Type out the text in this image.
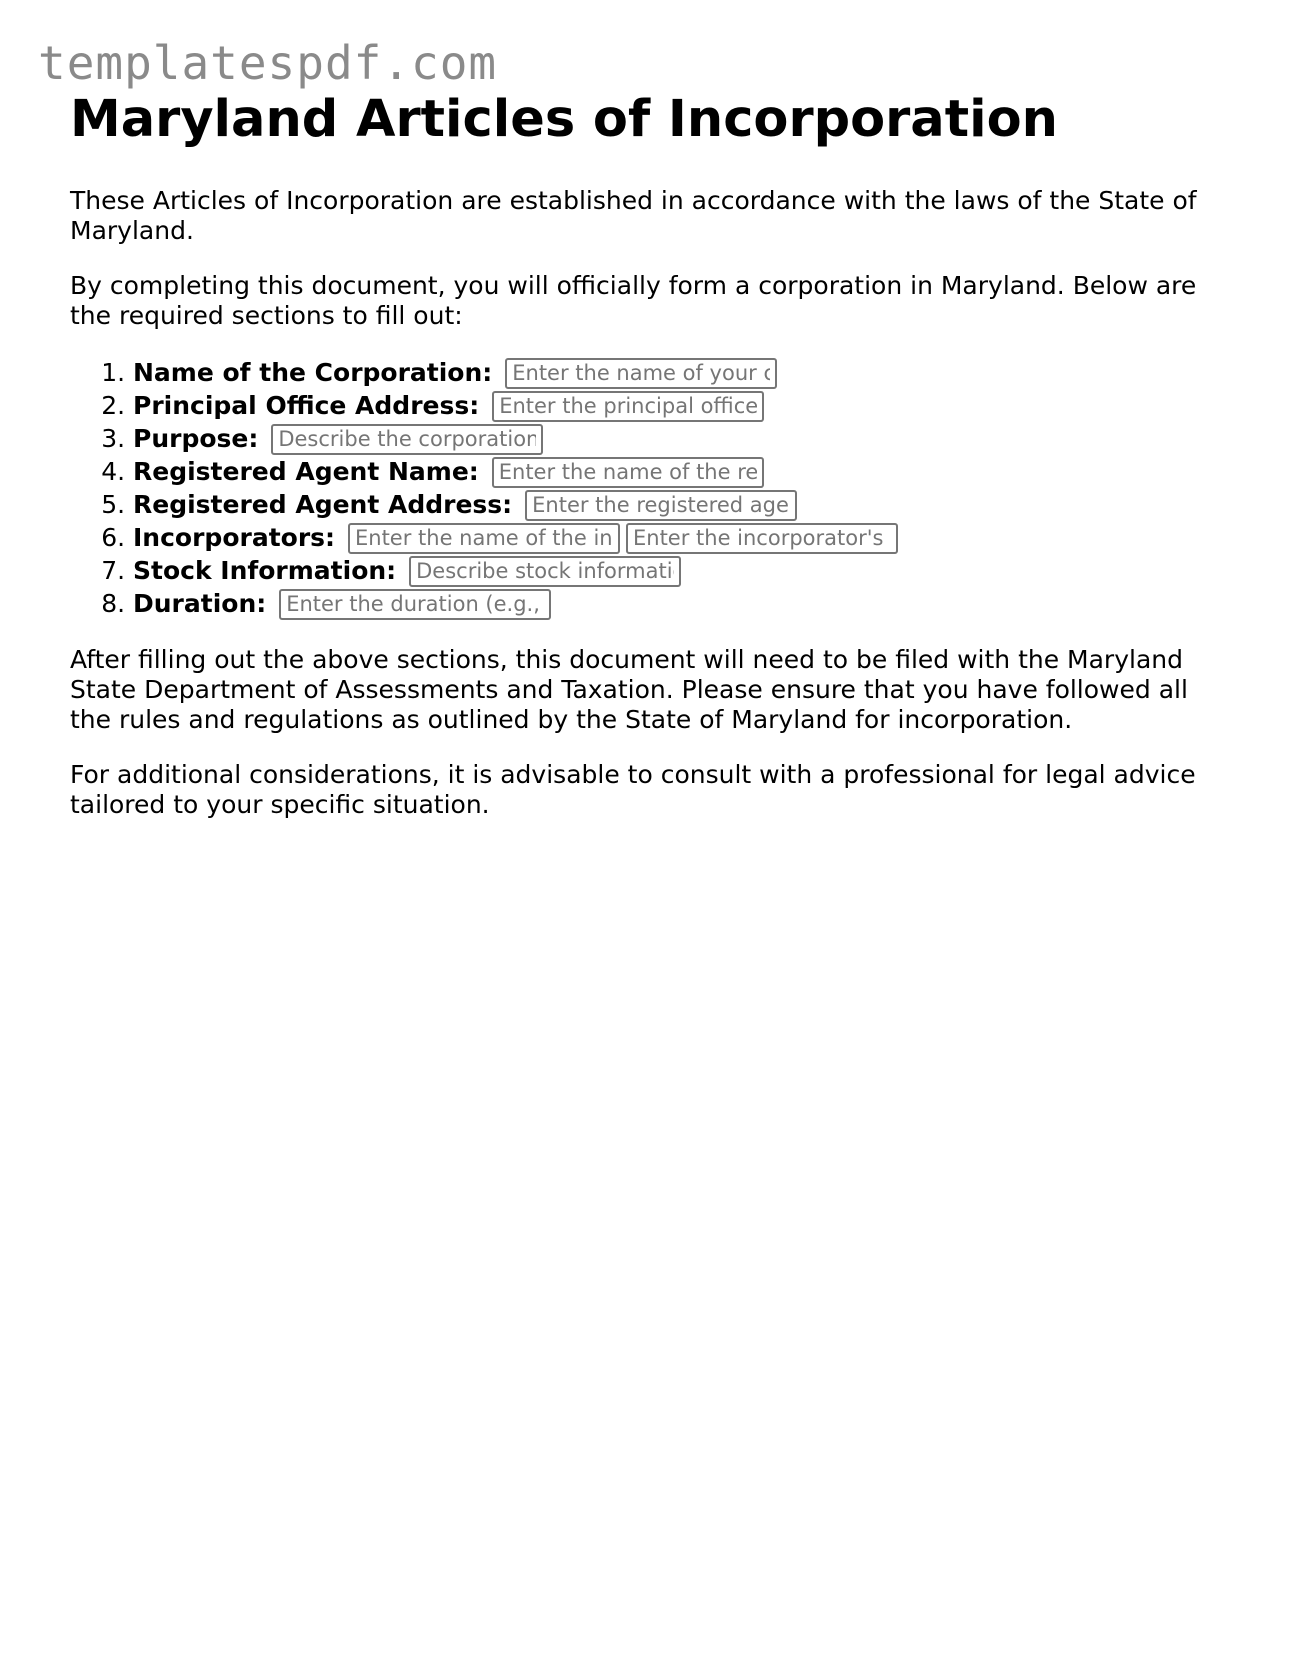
templatespdf.com
Maryland Articles of Incorporation

These Articles of Incorporation are established in accordance with the laws of the State of Maryland.

By completing this document, you will officially form a corporation in Maryland. Below are the required sections to fill out:

1. Name of the Corporation: Enter the name of your corporation
2. Principal Office Address: Enter the principal office address
3. Purpose: Describe the corporation's purpose
4. Registered Agent Name: Enter the name of the registered agent
5. Registered Agent Address: Enter the registered agent address
6. Incorporators: Enter the name of the incorporatorEnter the incorporator's address
7. Stock Information: Describe stock information
8. Duration: Enter the duration (e.g., perpetual)

After filling out the above sections, this document will need to be filed with the Maryland State Department of Assessments and Taxation. Please ensure that you have followed all the rules and regulations as outlined by the State of Maryland for incorporation.

For additional considerations, it is advisable to consult with a professional for legal advice tailored to your specific situation.
